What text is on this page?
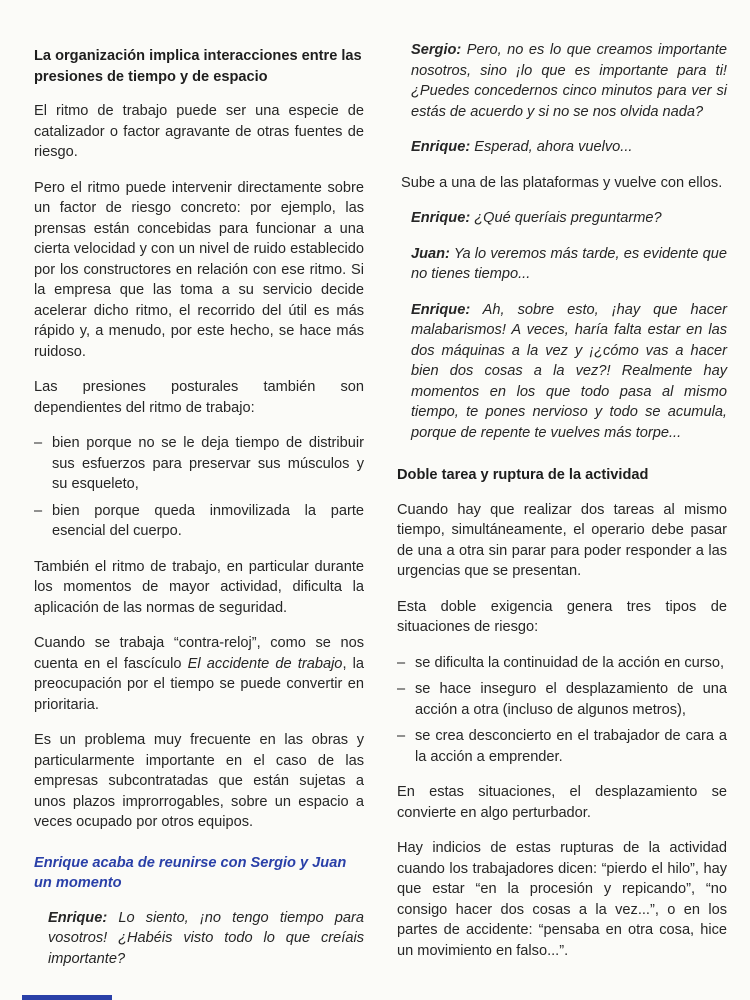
La organización implica interacciones entre las presiones de tiempo y de espacio

El ritmo de trabajo puede ser una especie de catalizador o factor agravante de otras fuentes de riesgo.

Pero el ritmo puede intervenir directamente sobre un factor de riesgo concreto: por ejemplo, las prensas están concebidas para funcionar a una cierta velocidad y con un nivel de ruido establecido por los constructores en relación con ese ritmo. Si la empresa que las toma a su servicio decide acelerar dicho ritmo, el recorrido del útil es más rápido y, a menudo, por este hecho, se hace más ruidoso.

Las presiones posturales también son dependientes del ritmo de trabajo:

– bien porque no se le deja tiempo de distribuir sus esfuerzos para preservar sus músculos y su esqueleto,
– bien porque queda inmovilizada la parte esencial del cuerpo.

También el ritmo de trabajo, en particular durante los momentos de mayor actividad, dificulta la aplicación de las normas de seguridad.

Cuando se trabaja “contra-reloj”, como se nos cuenta en el fascículo El accidente de trabajo, la preocupación por el tiempo se puede convertir en prioritaria.

Es un problema muy frecuente en las obras y particularmente importante en el caso de las empresas subcontratadas que están sujetas a unos plazos improrrogables, sobre un espacio a veces ocupado por otros equipos.

Enrique acaba de reunirse con Sergio y Juan un momento
Enrique: Lo siento, ¡no tengo tiempo para vosotros! ¿Habéis visto todo lo que creíais importante?
Sergio: Pero, no es lo que creamos importante nosotros, sino ¡lo que es importante para ti! ¿Puedes concedernos cinco minutos para ver si estás de acuerdo y si no se nos olvida nada?
Enrique: Esperad, ahora vuelvo...

Sube a una de las plataformas y vuelve con ellos.

Enrique: ¿Qué queríais preguntarme?
Juan: Ya lo veremos más tarde, es evidente que no tienes tiempo...
Enrique: Ah, sobre esto, ¡hay que hacer malabarismos! A veces, haría falta estar en las dos máquinas a la vez y ¡¿cómo vas a hacer bien dos cosas a la vez?! Realmente hay momentos en los que todo pasa al mismo tiempo, te pones nervioso y todo se acumula, porque de repente te vuelves más torpe...
Doble tarea y ruptura de la actividad

Cuando hay que realizar dos tareas al mismo tiempo, simultáneamente, el operario debe pasar de una a otra sin parar para poder responder a las urgencias que se presentan.

Esta doble exigencia genera tres tipos de situaciones de riesgo:

– se dificulta la continuidad de la acción en curso,
– se hace inseguro el desplazamiento de una acción a otra (incluso de algunos metros),
– se crea desconcierto en el trabajador de cara a la acción a emprender.

En estas situaciones, el desplazamiento se convierte en algo perturbador.

Hay indicios de estas rupturas de la actividad cuando los trabajadores dicen: “pierdo el hilo”, hay que estar “en la procesión y repicando”, “no consigo hacer dos cosas a la vez...”, o en los partes de accidente: “pensaba en otra cosa, hice un movimiento en falso...”.
